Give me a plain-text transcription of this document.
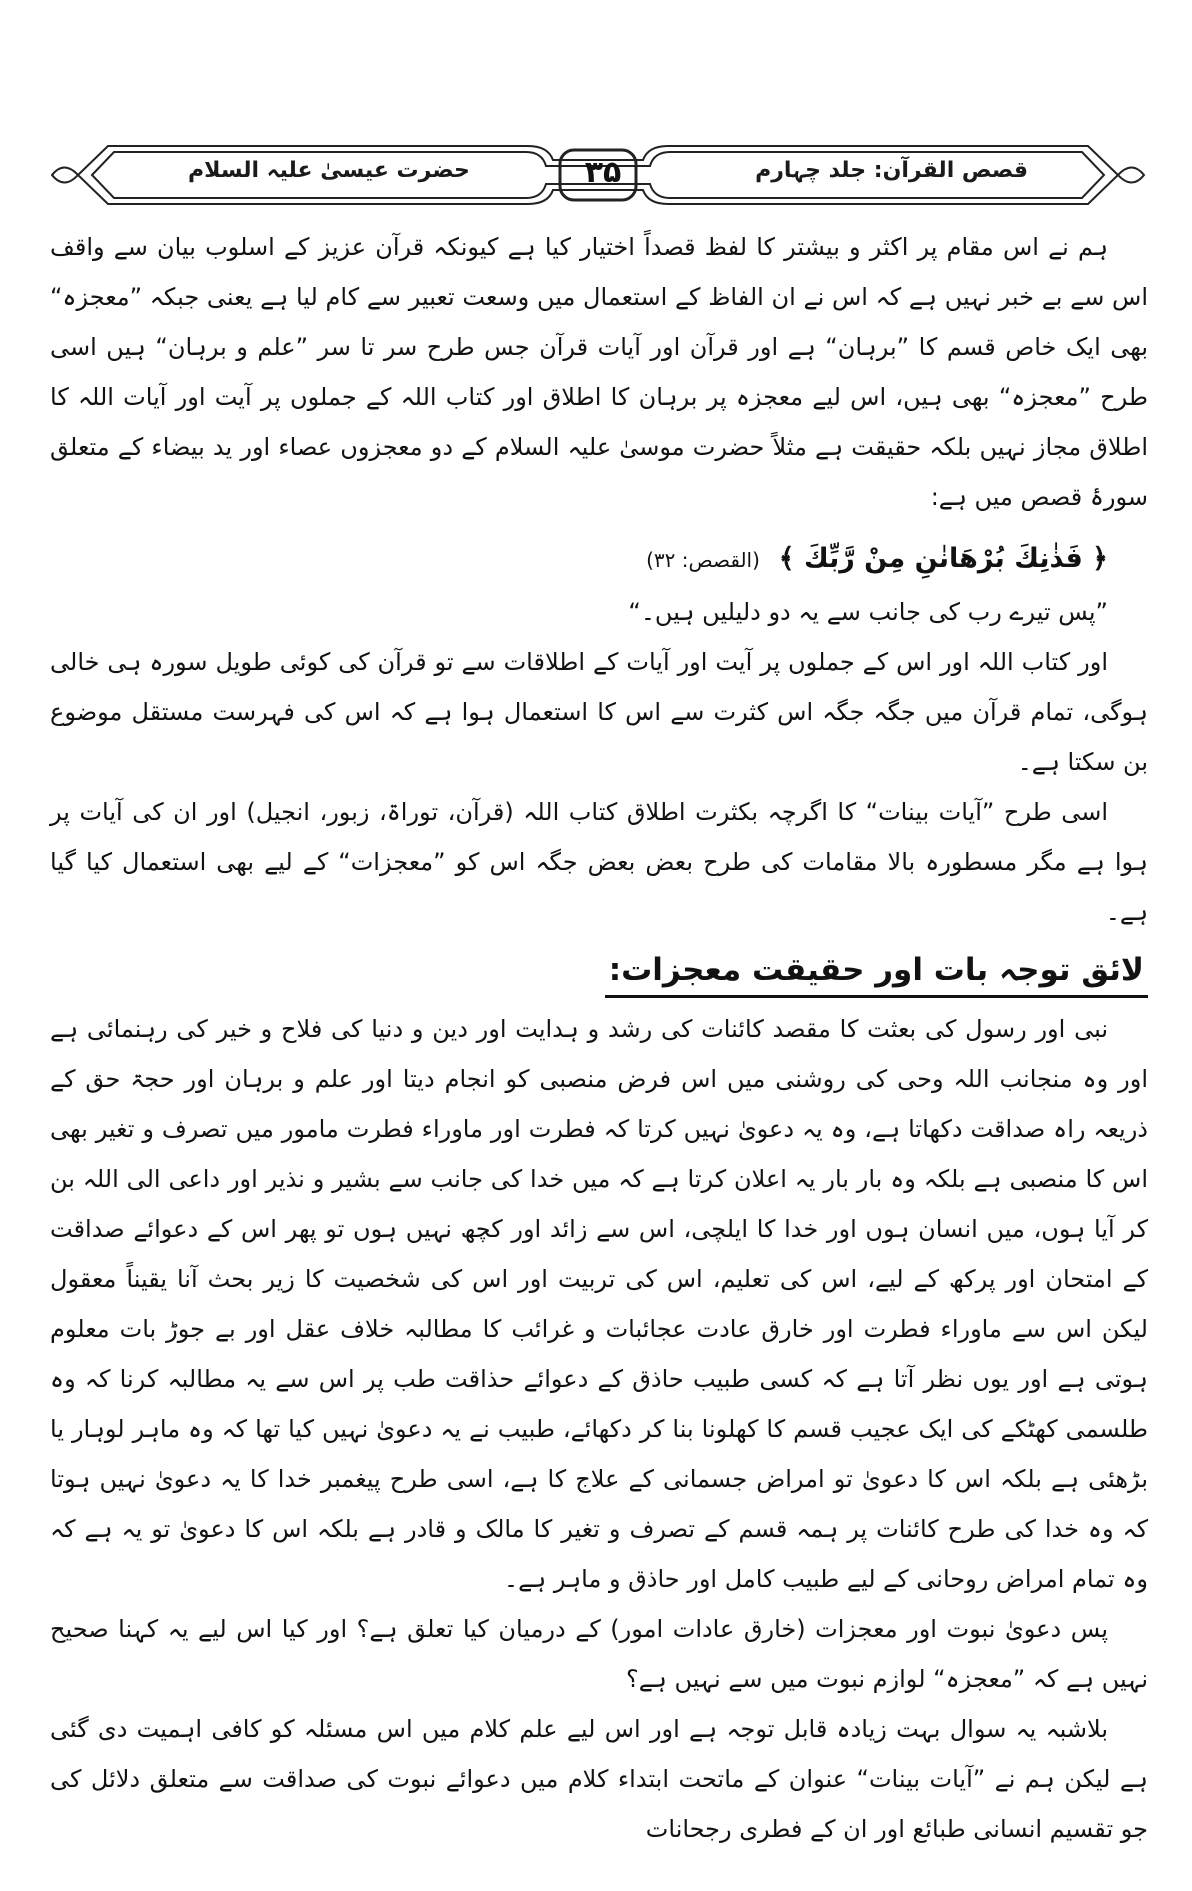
قصص القرآن: جلد چہارم
۳۵
حضرت عیسیٰ علیہ السلام

ہم نے اس مقام پر اکثر و بیشتر کا لفظ قصداً اختیار کیا ہے کیونکہ قرآن عزیز کے اسلوب بیان سے واقف اس سے بے خبر نہیں ہے کہ اس نے ان الفاظ کے استعمال میں وسعت تعبیر سے کام لیا ہے یعنی جبکہ ”معجزہ“ بھی ایک خاص قسم کا ”برہان“ ہے اور قرآن اور آیات قرآن جس طرح سر تا سر ”علم و برہان“ ہیں اسی طرح ”معجزہ“ بھی ہیں، اس لیے معجزہ پر برہان کا اطلاق اور کتاب اللہ کے جملوں پر آیت اور آیات اللہ کا اطلاق مجاز نہیں بلکہ حقیقت ہے مثلاً حضرت موسیٰ علیہ السلام کے دو معجزوں عصاء اور ید بیضاء کے متعلق سورۂ قصص میں ہے:

﴿ فَذٰنِكَ بُرْهَانٰنِ مِنْ رَّبِّكَ ﴾  (القصص: ۳۲)

”پس تیرے رب کی جانب سے یہ دو دلیلیں ہیں۔“

اور کتاب اللہ اور اس کے جملوں پر آیت اور آیات کے اطلاقات سے تو قرآن کی کوئی طویل سورہ ہی خالی ہوگی، تمام قرآن میں جگہ جگہ اس کثرت سے اس کا استعمال ہوا ہے کہ اس کی فہرست مستقل موضوع بن سکتا ہے۔

اسی طرح ”آیات بینات“ کا اگرچہ بکثرت اطلاق کتاب اللہ (قرآن، توراۃ، زبور، انجیل) اور ان کی آیات پر ہوا ہے مگر مسطورہ بالا مقامات کی طرح بعض بعض جگہ اس کو ”معجزات“ کے لیے بھی استعمال کیا گیا ہے۔

لائق توجہ بات اور حقیقت معجزات:

نبی اور رسول کی بعثت کا مقصد کائنات کی رشد و ہدایت اور دین و دنیا کی فلاح و خیر کی رہنمائی ہے اور وہ منجانب اللہ وحی کی روشنی میں اس فرض منصبی کو انجام دیتا اور علم و برہان اور حجۃ حق کے ذریعہ راہ صداقت دکھاتا ہے، وہ یہ دعویٰ نہیں کرتا کہ فطرت اور ماوراء فطرت مامور میں تصرف و تغیر بھی اس کا منصبی ہے بلکہ وہ بار بار یہ اعلان کرتا ہے کہ میں خدا کی جانب سے بشیر و نذیر اور داعی الی اللہ بن کر آیا ہوں، میں انسان ہوں اور خدا کا ایلچی، اس سے زائد اور کچھ نہیں ہوں تو پھر اس کے دعوائے صداقت کے امتحان اور پرکھ کے لیے، اس کی تعلیم، اس کی تربیت اور اس کی شخصیت کا زیر بحث آنا یقیناً معقول لیکن اس سے ماوراء فطرت اور خارق عادت عجائبات و غرائب کا مطالبہ خلاف عقل اور بے جوڑ بات معلوم ہوتی ہے اور یوں نظر آتا ہے کہ کسی طبیب حاذق کے دعوائے حذاقت طب پر اس سے یہ مطالبہ کرنا کہ وہ طلسمی کھٹکے کی ایک عجیب قسم کا کھلونا بنا کر دکھائے، طبیب نے یہ دعویٰ نہیں کیا تھا کہ وہ ماہر لوہار یا بڑھئی ہے بلکہ اس کا دعویٰ تو امراض جسمانی کے علاج کا ہے، اسی طرح پیغمبر خدا کا یہ دعویٰ نہیں ہوتا کہ وہ خدا کی طرح کائنات پر ہمہ قسم کے تصرف و تغیر کا مالک و قادر ہے بلکہ اس کا دعویٰ تو یہ ہے کہ وہ تمام امراض روحانی کے لیے طبیب کامل اور حاذق و ماہر ہے۔

پس دعویٰ نبوت اور معجزات (خارق عادات امور) کے درمیان کیا تعلق ہے؟ اور کیا اس لیے یہ کہنا صحیح نہیں ہے کہ ”معجزہ“ لوازم نبوت میں سے نہیں ہے؟

بلاشبہ یہ سوال بہت زیادہ قابل توجہ ہے اور اس لیے علم کلام میں اس مسئلہ کو کافی اہمیت دی گئی ہے لیکن ہم نے ”آیات بینات“ عنوان کے ماتحت ابتداء کلام میں دعوائے نبوت کی صداقت سے متعلق دلائل کی جو تقسیم انسانی طبائع اور ان کے فطری رجحانات
